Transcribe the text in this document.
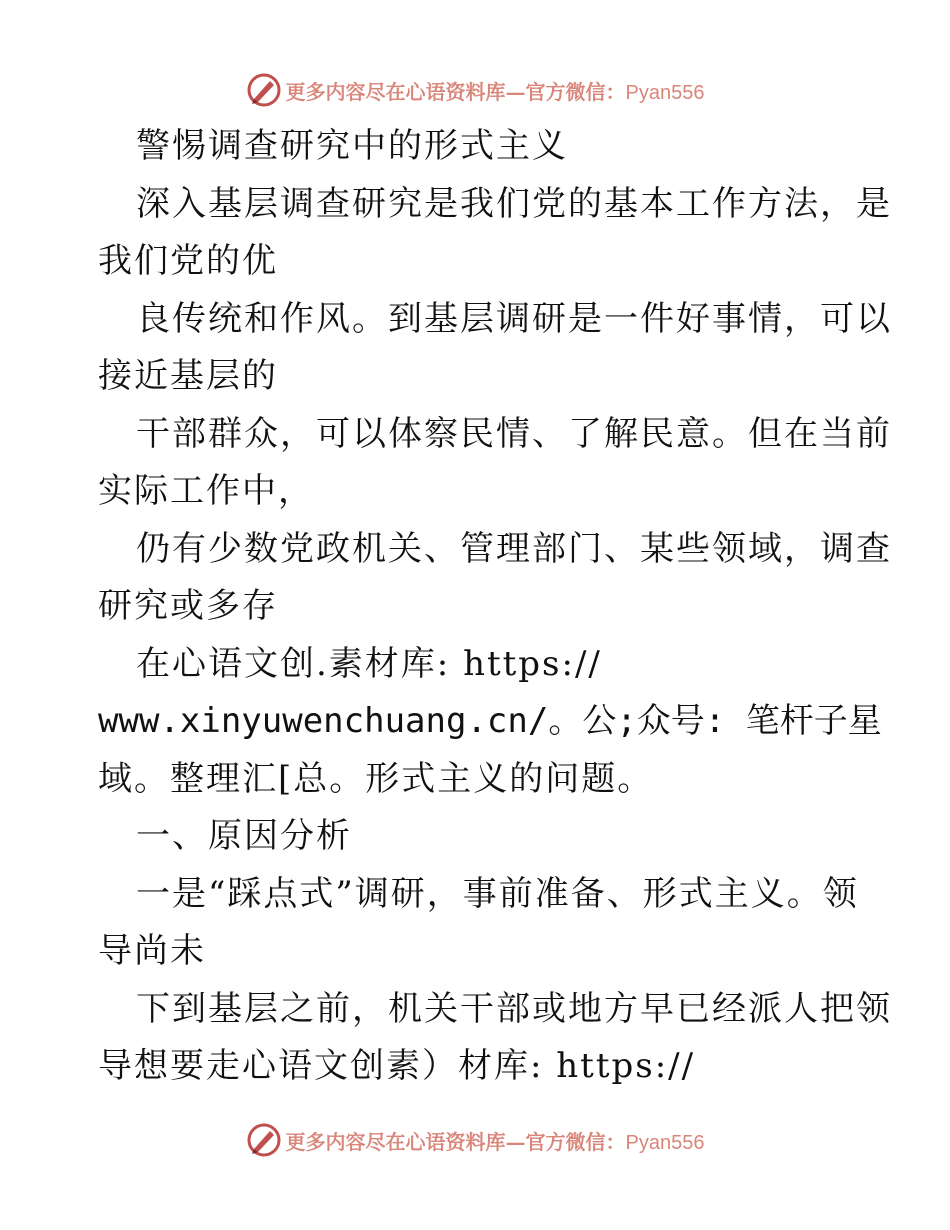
更多内容尽在心语资料库—官方微信：Pyan556
警惕调查研究中的形式主义
深入基层调查研究是我们党的基本工作方法，是
我们党的优
良传统和作风。到基层调研是一件好事情，可以
接近基层的
干部群众，可以体察民情、了解民意。但在当前
实际工作中，
仍有少数党政机关、管理部门、某些领域，调查
研究或多存
在心语文创.素材库: https://
www.xinyuwenchuang.cn/。公;众号: 笔杆子星
域。整理汇[总。形式主义的问题。
一、原因分析
一是“踩点式”调研，事前准备、形式主义。领
导尚未
下到基层之前，机关干部或地方早已经派人把领
导想要走心语文创素）材库: https://
更多内容尽在心语资料库—官方微信：Pyan556
